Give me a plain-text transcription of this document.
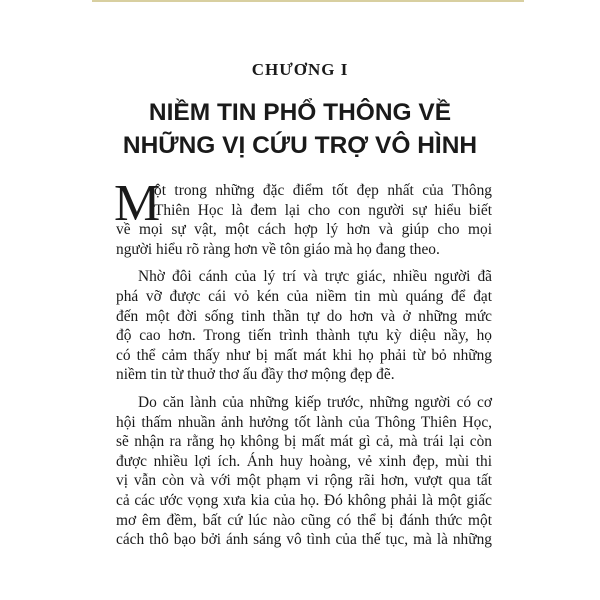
CHƯƠNG I
NIỀM TIN PHỔ THÔNG VỀ
NHỮNG VỊ CỨU TRỢ VÔ HÌNH
M
ột trong những đặc điểm tốt đẹp nhất của Thông
Thiên Học là đem lại cho con người sự hiểu biết
về mọi sự vật, một cách hợp lý hơn và giúp cho mọi
người hiểu rõ ràng hơn về tôn giáo mà họ đang theo.
Nhờ đôi cánh của lý trí và trực giác, nhiều người đã
phá vỡ được cái vỏ kén của niềm tin mù quáng để đạt
đến một đời sống tinh thần tự do hơn và ở những mức
độ cao hơn. Trong tiến trình thành tựu kỳ diệu nầy, họ
có thể cảm thấy như bị mất mát khi họ phải từ bỏ những
niềm tin từ thuở thơ ấu đầy thơ mộng đẹp đẽ.
Do căn lành của những kiếp trước, những người có cơ
hội thấm nhuần ảnh hưởng tốt lành của Thông Thiên Học,
sẽ nhận ra rằng họ không bị mất mát gì cả, mà trái lại còn
được nhiều lợi ích. Ánh huy hoàng, vẻ xinh đẹp, mùi thi
vị vẫn còn và với một phạm vi rộng rãi hơn, vượt qua tất
cả các ước vọng xưa kia của họ. Đó không phải là một giấc
mơ êm đềm, bất cứ lúc nào cũng có thể bị đánh thức một
cách thô bạo bởi ánh sáng vô tình của thế tục, mà là những
